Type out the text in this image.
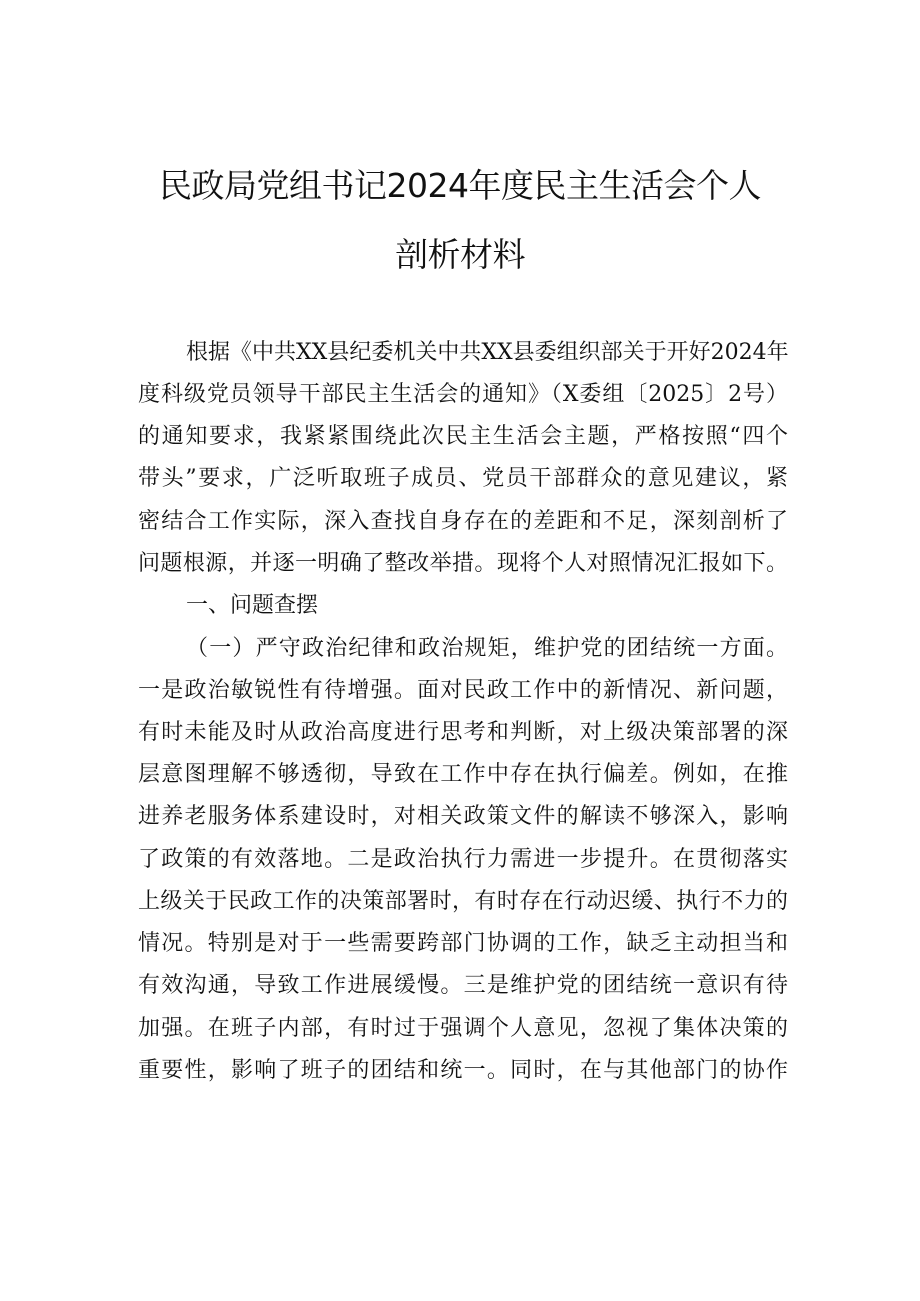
民政局党组书记2024年度民主生活会个人
剖析材料
根据《中共XX县纪委机关中共XX县委组织部关于开好2024年
度科级党员领导干部民主生活会的通知》（X委组〔2025〕2号）
的通知要求，我紧紧围绕此次民主生活会主题，严格按照“四个
带头”要求，广泛听取班子成员、党员干部群众的意见建议，紧
密结合工作实际，深入查找自身存在的差距和不足，深刻剖析了
问题根源，并逐一明确了整改举措。现将个人对照情况汇报如下。
一、问题查摆
（一）严守政治纪律和政治规矩，维护党的团结统一方面。
一是政治敏锐性有待增强。面对民政工作中的新情况、新问题，
有时未能及时从政治高度进行思考和判断，对上级决策部署的深
层意图理解不够透彻，导致在工作中存在执行偏差。例如，在推
进养老服务体系建设时，对相关政策文件的解读不够深入，影响
了政策的有效落地。二是政治执行力需进一步提升。在贯彻落实
上级关于民政工作的决策部署时，有时存在行动迟缓、执行不力的
情况。特别是对于一些需要跨部门协调的工作，缺乏主动担当和
有效沟通，导致工作进展缓慢。三是维护党的团结统一意识有待
加强。在班子内部，有时过于强调个人意见，忽视了集体决策的
重要性，影响了班子的团结和统一。同时，在与其他部门的协作
